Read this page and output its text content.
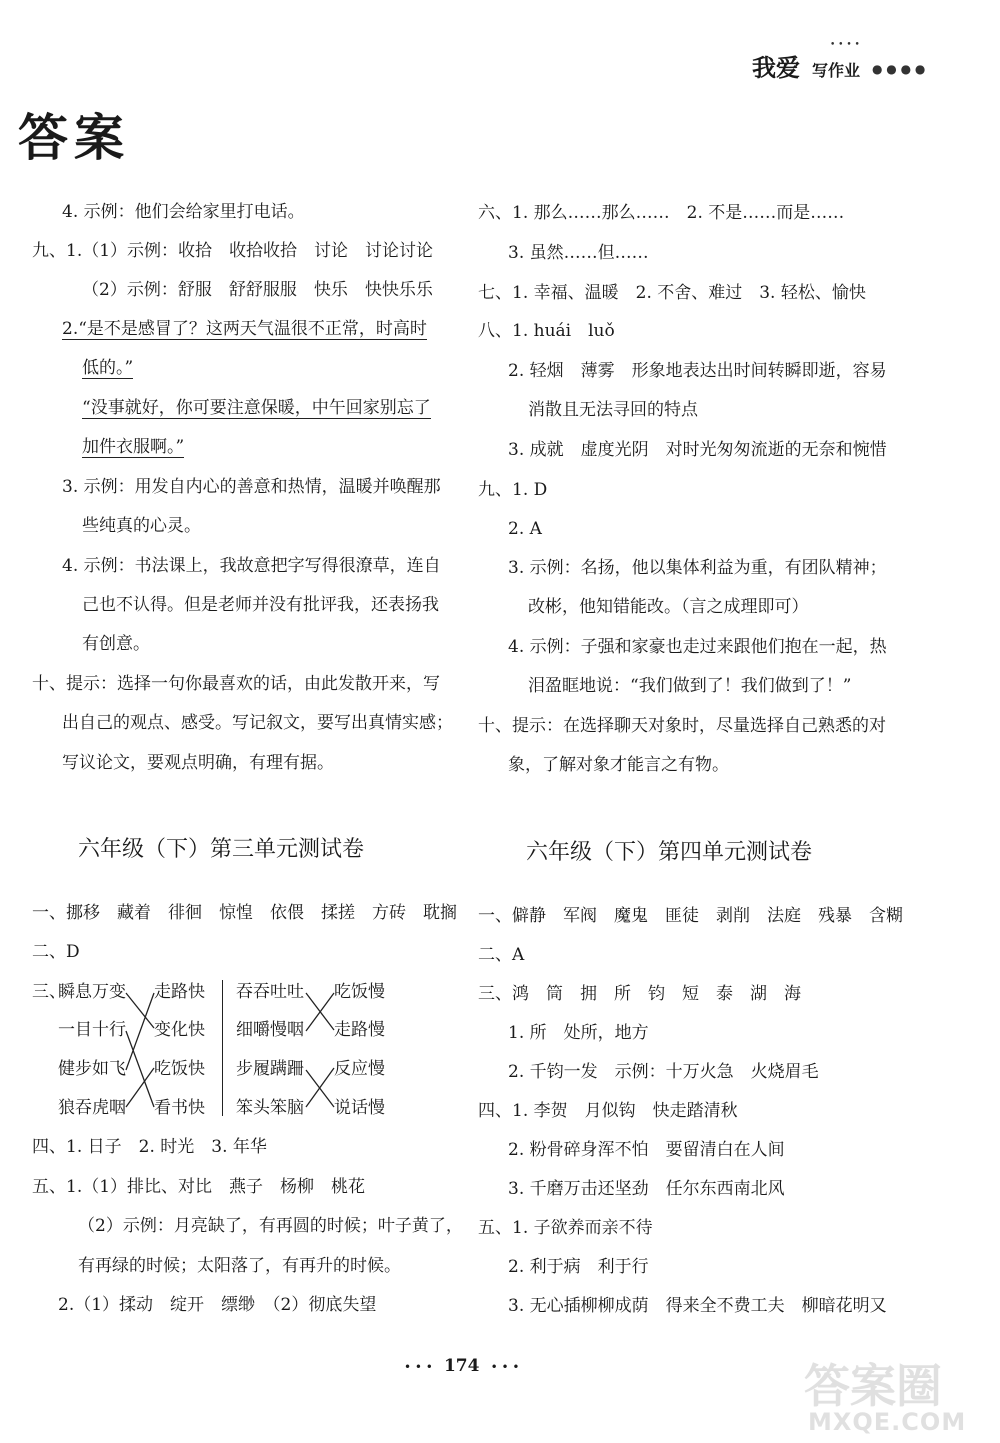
我爱 写作业
• • • •
● ● ● ●
答案
4. 示例：他们会给家里打电话。
九、1.（1）示例：收拾　收拾收拾　讨论　讨论讨论
（2）示例：舒服　舒舒服服　快乐　快快乐乐
2.“是不是感冒了？这两天气温很不正常，时高时
低的。”
“没事就好，你可要注意保暖，中午回家别忘了
加件衣服啊。”
3. 示例：用发自内心的善意和热情，温暖并唤醒那
些纯真的心灵。
4. 示例：书法课上，我故意把字写得很潦草，连自
己也不认得。但是老师并没有批评我，还表扬我
有创意。
十、提示：选择一句你最喜欢的话，由此发散开来，写
出自己的观点、感受。写记叙文，要写出真情实感；
写议论文，要观点明确，有理有据。
六、1. 那么……那么……　2. 不是……而是……
3. 虽然……但……
七、1. 幸福、温暖　2. 不舍、难过　3. 轻松、愉快
八、1. huái　luǒ
2. 轻烟　薄雾　形象地表达出时间转瞬即逝，容易
消散且无法寻回的特点
3. 成就　虚度光阴　对时光匆匆流逝的无奈和惋惜
九、1. D
2. A
3. 示例：名扬，他以集体利益为重，有团队精神；
改彬，他知错能改。（言之成理即可）
4. 示例：子强和家豪也走过来跟他们抱在一起，热
泪盈眶地说：“我们做到了！我们做到了！”
十、提示：在选择聊天对象时，尽量选择自己熟悉的对
象，了解对象才能言之有物。
六年级（下）第三单元测试卷	六年级（下）第四单元测试卷
一、挪移　藏着　徘徊　惊惶　依偎　揉搓　方砖　耽搁
二、D
三、
瞬息万变
一目十行
健步如飞
狼吞虎咽
走路快
变化快
吃饭快
看书快
吞吞吐吐
细嚼慢咽
步履蹒跚
笨头笨脑
吃饭慢
走路慢
反应慢
说话慢
四、1. 日子　2. 时光　3. 年华
五、1.（1）排比、对比　燕子　杨柳　桃花
（2）示例：月亮缺了，有再圆的时候；叶子黄了，
有再绿的时候；太阳落了，有再升的时候。
2.（1）揉动　绽开　缥缈　（2）彻底失望
一、僻静　军阀　魔鬼　匪徒　剥削　法庭　残暴　含糊
二、A
三、鸿　筒　拥　所　钧　短　泰　湖　海
1. 所　处所，地方
2. 千钧一发　示例：十万火急　火烧眉毛
四、1. 李贺　月似钩　快走踏清秋
2. 粉骨碎身浑不怕　要留清白在人间
3. 千磨万击还坚劲　任尔东西南北风
五、1. 子欲养而亲不待
2. 利于病　利于行
3. 无心插柳柳成荫　得来全不费工夫　柳暗花明又
• • • 174 • • •	答案圈
MXQE.COM
